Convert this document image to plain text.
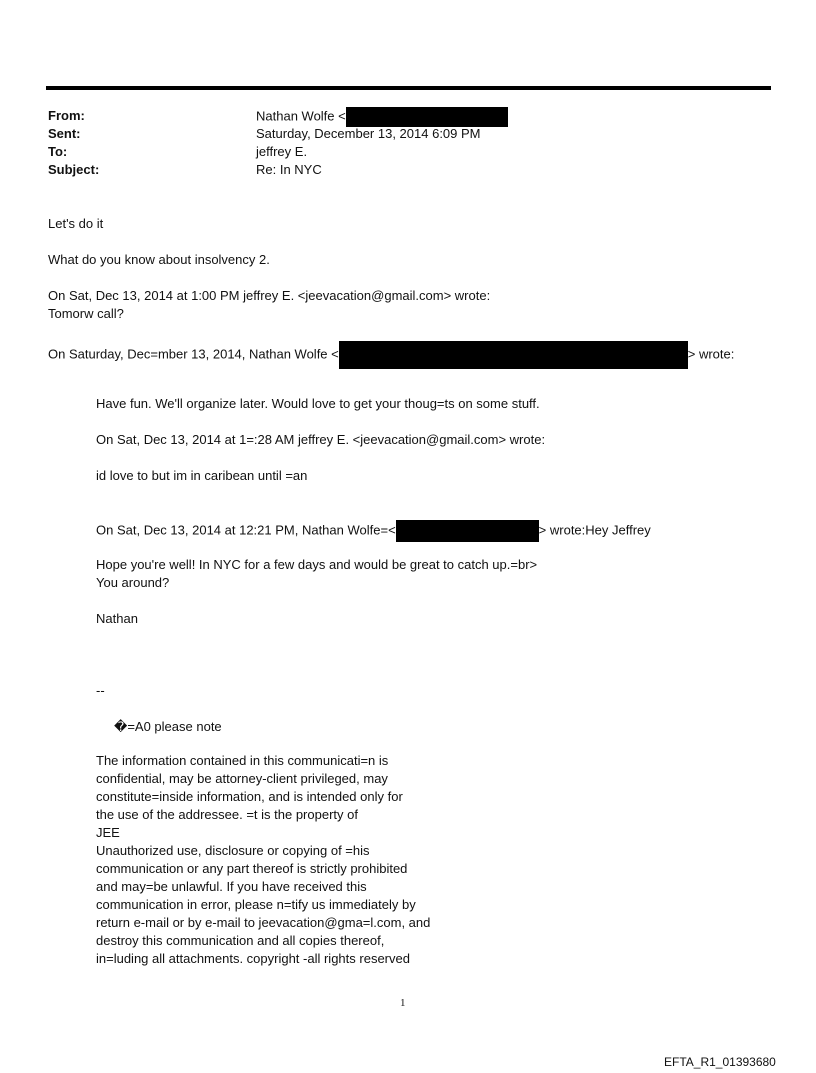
From:	Nathan Wolfe <
Sent:	Saturday, December 13, 2014 6:09 PM
To:	jeffrey E.
Subject:	Re: In NYC
Let's do it
What do you know about insolvency 2.
On Sat, Dec 13, 2014 at 1:00 PM jeffrey E. <jeevacation@gmail.com> wrote:
Tomorw call?
On Saturday, Dec=mber 13, 2014, Nathan Wolfe <	> wrote:
Have fun. We'll organize later. Would love to get your thoug=ts on some stuff.
On Sat, Dec 13, 2014 at 1=:28 AM jeffrey E. <jeevacation@gmail.com> wrote:
id love to but im in caribean until =an
On Sat, Dec 13, 2014 at 12:21 PM, Nathan Wolfe=<	> wrote:Hey Jeffrey
Hope you're well! In NYC for a few days and would be great to catch up.=br>
You around?
Nathan
--
�=A0 please note
The information contained in this communicati=n is
confidential, may be attorney-client privileged, may
constitute=inside information, and is intended only for
the use of the addressee. =t is the property of
JEE
Unauthorized use, disclosure or copying of =his
communication or any part thereof is strictly prohibited
and may=be unlawful. If you have received this
communication in error, please n=tify us immediately by
return e-mail or by e-mail to jeevacation@gma=l.com, and
destroy this communication and all copies thereof,
in=luding all attachments. copyright -all rights reserved
1
EFTA_R1_01393680
